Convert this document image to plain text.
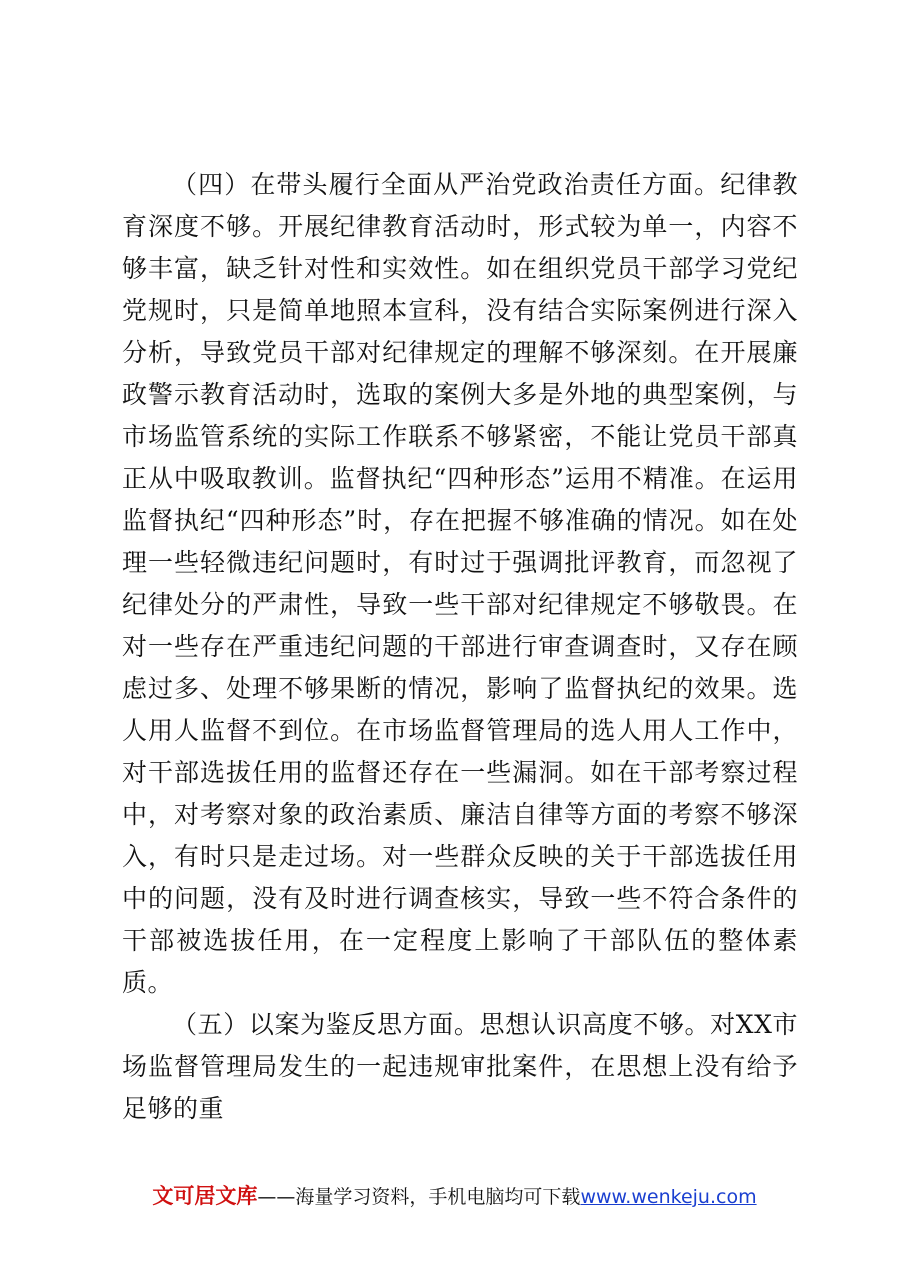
（四）在带头履行全面从严治党政治责任方面。纪律教育深度不够。开展纪律教育活动时，形式较为单一，内容不够丰富，缺乏针对性和实效性。如在组织党员干部学习党纪党规时，只是简单地照本宣科，没有结合实际案例进行深入分析，导致党员干部对纪律规定的理解不够深刻。在开展廉政警示教育活动时，选取的案例大多是外地的典型案例，与市场监管系统的实际工作联系不够紧密，不能让党员干部真正从中吸取教训。监督执纪“四种形态”运用不精准。在运用监督执纪“四种形态”时，存在把握不够准确的情况。如在处理一些轻微违纪问题时，有时过于强调批评教育，而忽视了纪律处分的严肃性，导致一些干部对纪律规定不够敬畏。在对一些存在严重违纪问题的干部进行审查调查时，又存在顾虑过多、处理不够果断的情况，影响了监督执纪的效果。选人用人监督不到位。在市场监督管理局的选人用人工作中，对干部选拔任用的监督还存在一些漏洞。如在干部考察过程中，对考察对象的政治素质、廉洁自律等方面的考察不够深入，有时只是走过场。对一些群众反映的关于干部选拔任用中的问题，没有及时进行调查核实，导致一些不符合条件的干部被选拔任用，在一定程度上影响了干部队伍的整体素质。

（五）以案为鉴反思方面。思想认识高度不够。对XX市场监督管理局发生的一起违规审批案件，在思想上没有给予足够的重

文可居文库——海量学习资料，手机电脑均可下载www.wenkeju.com
